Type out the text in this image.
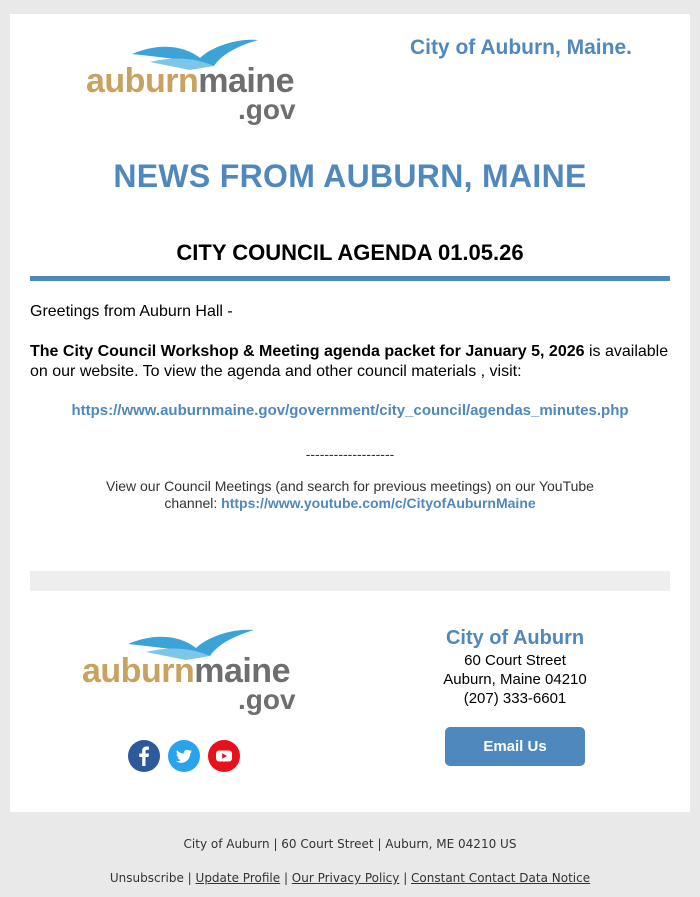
auburnmaine
.gov
City of Auburn, Maine.
NEWS FROM AUBURN, MAINE
CITY COUNCIL AGENDA 01.05.26
Greetings from Auburn Hall -
The City Council Workshop & Meeting agenda packet for January 5, 2026 is available on our website. To view the agenda and other council materials , visit:
https://www.auburnmaine.gov/government/city_council/agendas_minutes.php
-------------------
View our Council Meetings (and search for previous meetings) on our YouTube channel: https://www.youtube.com/c/CityofAuburnMaine
auburnmaine
.gov
City of Auburn
60 Court Street
Auburn, Maine 04210
(207) 333-6601
Email Us
City of Auburn | 60 Court Street | Auburn, ME 04210 US
Unsubscribe | Update Profile | Our Privacy Policy | Constant Contact Data Notice
